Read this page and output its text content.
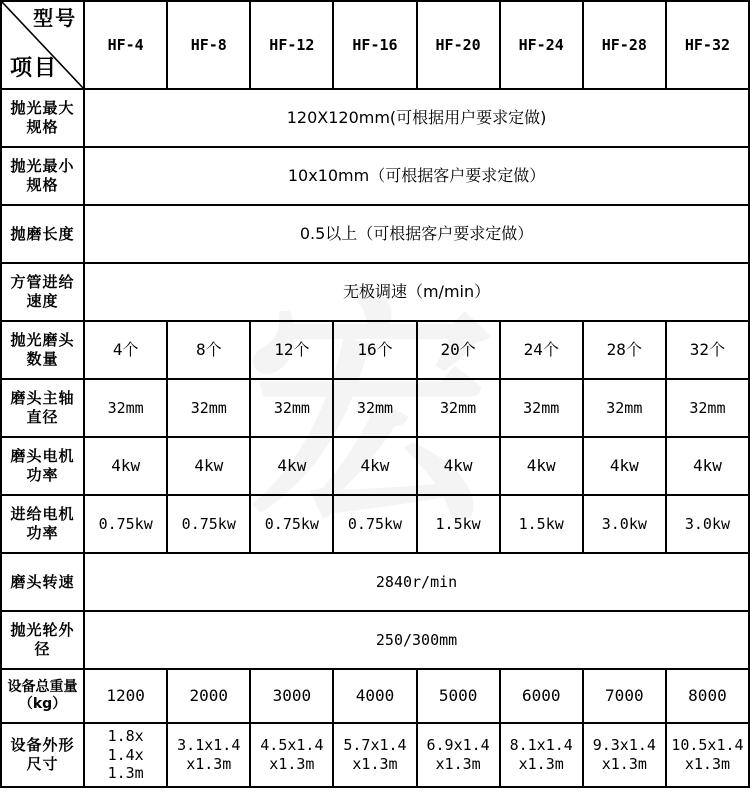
型号
项目	HF-4	HF-8	HF-12	HF-16	HF-20	HF-24	HF-28	HF-32
抛光最大规格	120X120mm(可根据用户要求定做)							
抛光最小规格	10x10mm（可根据客户要求定做）							
抛磨长度	0.5以上（可根据客户要求定做）							
方管进给速度	无极调速（m/min）							
抛光磨头数量	4个	8个	12个	16个	20个	24个	28个	32个
磨头主轴直径	32mm	32mm	32mm	32mm	32mm	32mm	32mm	32mm
磨头电机功率	4kw	4kw	4kw	4kw	4kw	4kw	4kw	4kw
进给电机功率	0.75kw	0.75kw	0.75kw	0.75kw	1.5kw	1.5kw	3.0kw	3.0kw
磨头转速	2840r/min							
抛光轮外径	250/300mm							
设备总重量（kg）	1200	2000	3000	4000	5000	6000	7000	8000
设备外形尺寸	1.8x 1.4x 1.3m	3.1x1.4 x1.3m	4.5x1.4 x1.3m	5.7x1.4 x1.3m	6.9x1.4 x1.3m	8.1x1.4 x1.3m	9.3x1.4 x1.3m	10.5x1.4 x1.3m
